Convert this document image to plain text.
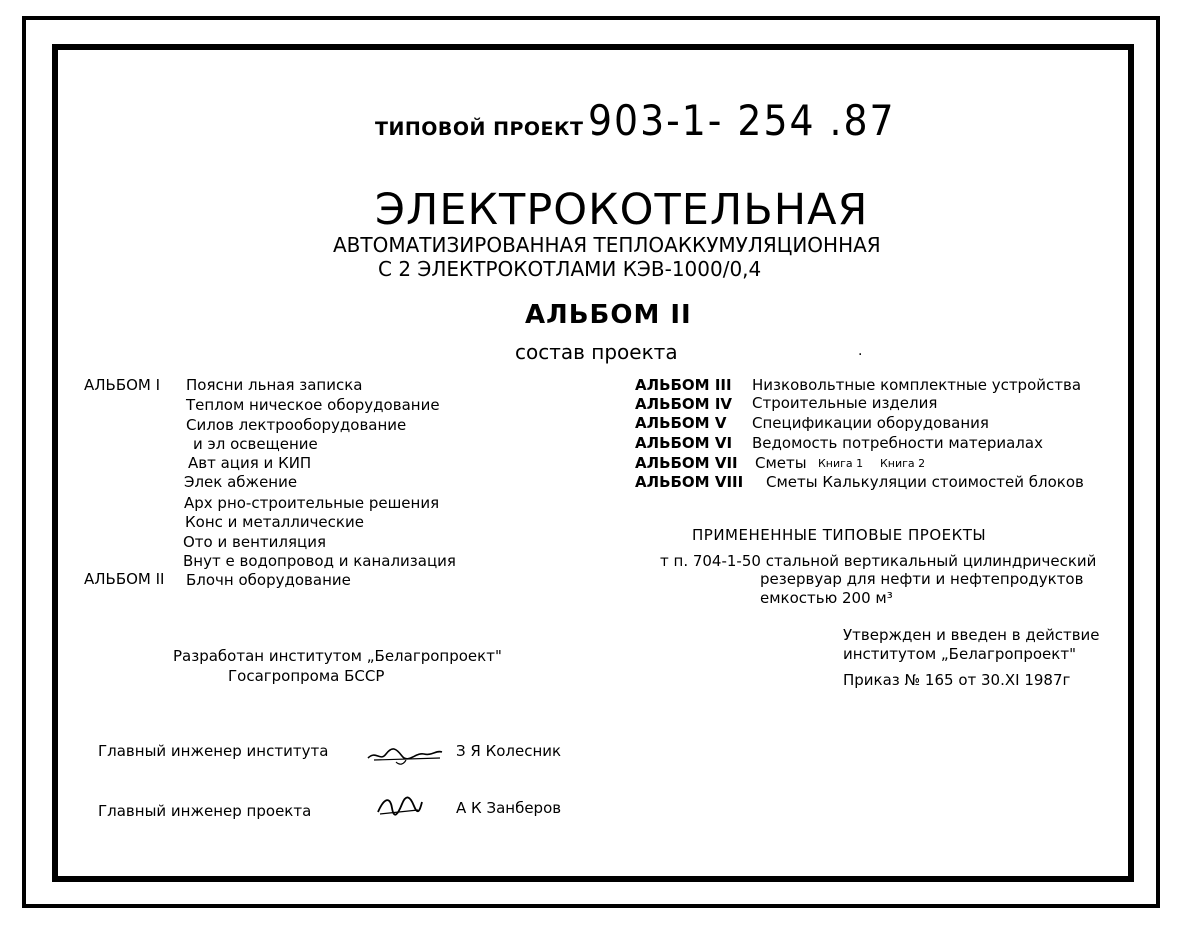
ТИПОВОЙ ПРОЕКТ 903-1- 254 .87
ЭЛЕКТРОКОТЕЛЬНАЯ
АВТОМАТИЗИРОВАННАЯ ТЕПЛОАККУМУЛЯЦИОННАЯ
С 2 ЭЛЕКТРОКОТЛАМИ КЭВ-1000/0,4
АЛЬБОМ II
состав проекта	.
АЛЬБОМ I Поясни льная записка
Теплом ническое оборудование
Силов лектрооборудование
и эл освещение
Авт ация и КИП
Элек абжение
Арх рно-строительные решения
Конс и металлические
Ото и вентиляция
Внут е водопровод и канализация
АЛЬБОМ II Блочн оборудование
АЛЬБОМ III Низковольтные комплектные устройства
АЛЬБОМ IV Строительные изделия
АЛЬБОМ V Спецификации оборудования
АЛЬБОМ VI Ведомость потребности материалах
АЛЬБОМ VII Сметы Книга 1 Книга 2
АЛЬБОМ VIII Сметы Калькуляции стоимостей блоков
ПРИМЕНЕННЫЕ ТИПОВЫЕ ПРОЕКТЫ
т п. 704-1-50 стальной вертикальный цилиндрический
резервуар для нефти и нефтепродуктов
емкостью 200 м³
Утвержден и введен в действие
институтом „Белагропроект"
Приказ № 165 от 30.XI 1987г
Разработан институтом „Белагропроект"
Госагропрома БССР
Главный инженер института	З Я Колесник
Главный инженер проекта	А К Занберов
